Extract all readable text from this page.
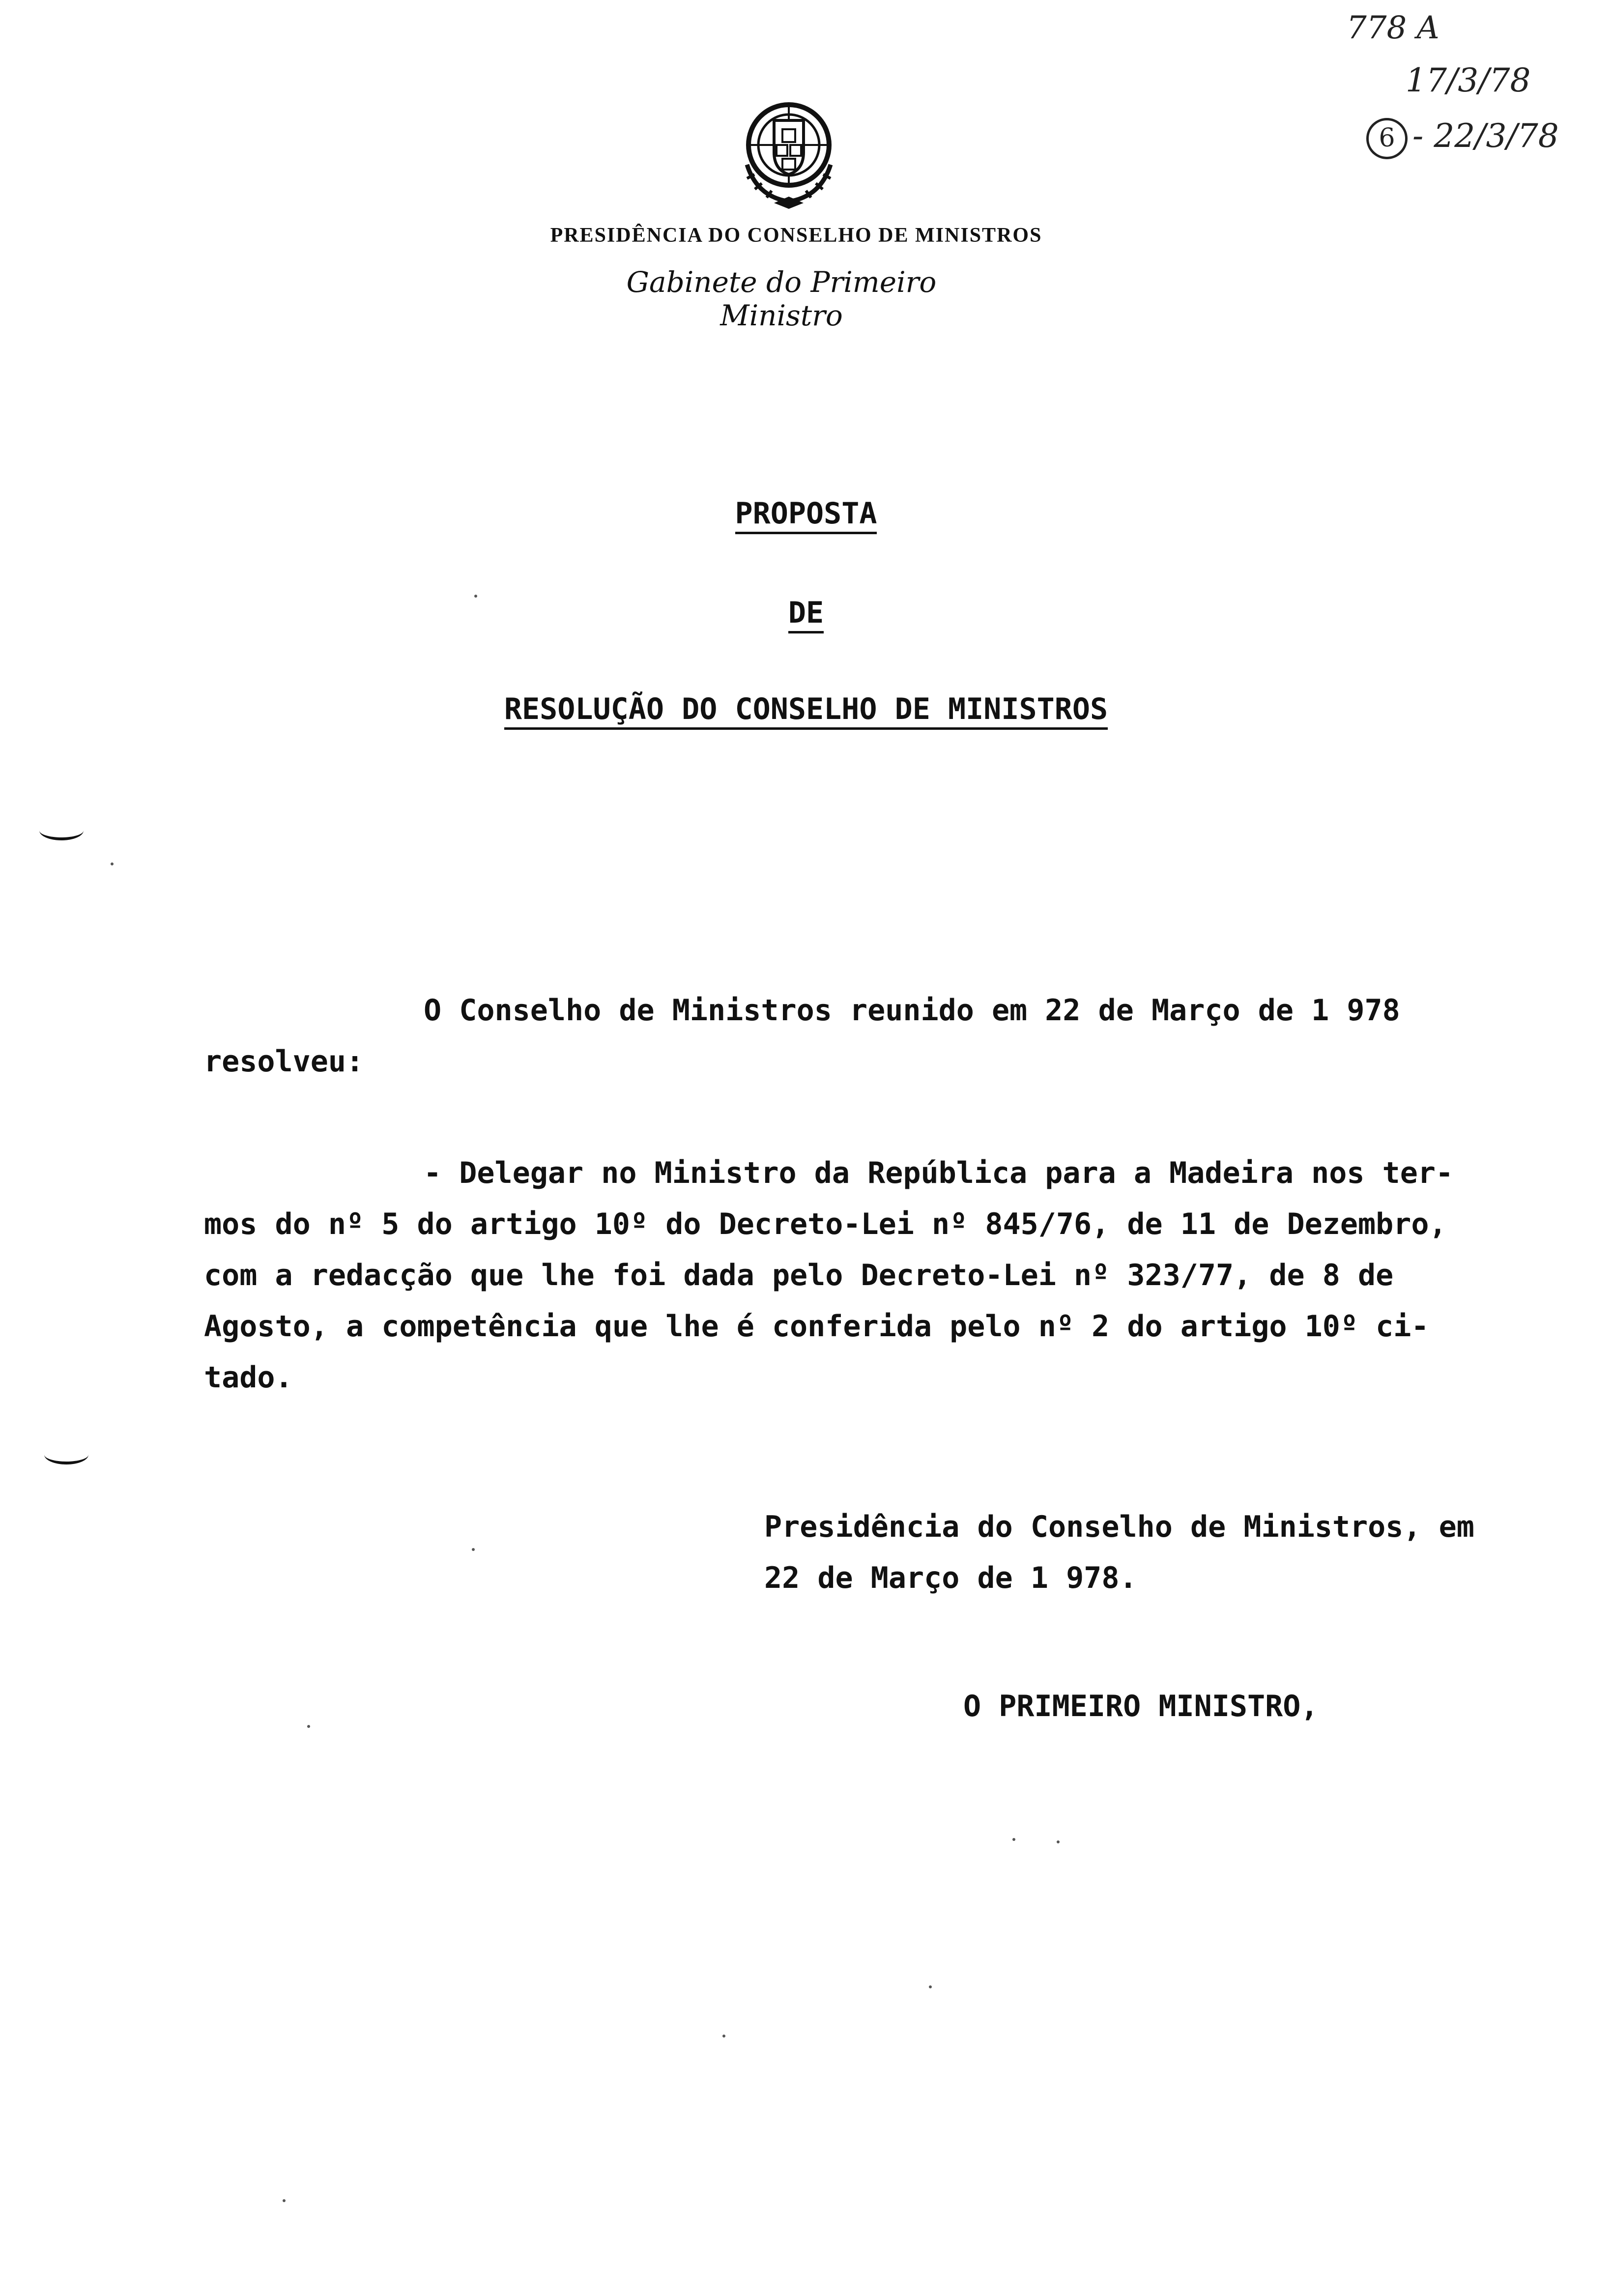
778 A
17/3/78
6 - 22/3/78
PRESIDÊNCIA DO CONSELHO DE MINISTROS
Gabinete do Primeiro Ministro
PROPOSTA
DE
RESOLUÇÃO DO CONSELHO DE MINISTROS
O Conselho de Ministros reunido em 22 de Março de 1 978
resolveu:
- Delegar no Ministro da República para a Madeira nos ter-
mos do nº 5 do artigo 10º do Decreto-Lei nº 845/76, de 11 de Dezembro,
com a redacção que lhe foi dada pelo Decreto-Lei nº 323/77, de 8 de
Agosto, a competência que lhe é conferida pelo nº 2 do artigo 10º ci-
tado.
Presidência do Conselho de Ministros, em
22 de Março de 1 978.
O PRIMEIRO MINISTRO,
